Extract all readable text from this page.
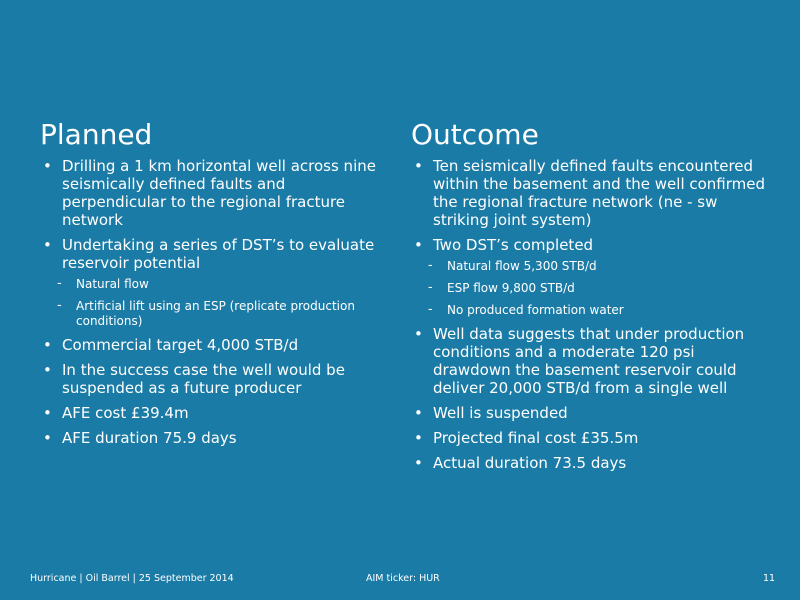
Planned
• Drilling a 1 km horizontal well across nine seismically defined faults and perpendicular to the regional fracture network
• Undertaking a series of DST’s to evaluate reservoir potential
- Natural flow
- Artificial lift using an ESP (replicate production conditions)
• Commercial target 4,000 STB/d
• In the success case the well would be suspended as a future producer
• AFE cost £39.4m
• AFE duration 75.9 days
Outcome
• Ten seismically defined faults encountered within the basement and the well confirmed the regional fracture network (ne - sw striking joint system)
• Two DST’s completed
- Natural flow 5,300 STB/d
- ESP flow 9,800 STB/d
- No produced formation water
• Well data suggests that under production conditions and a moderate 120 psi drawdown the basement reservoir could deliver 20,000 STB/d from a single well
• Well is suspended
• Projected final cost £35.5m
• Actual duration 73.5 days
Hurricane | Oil Barrel | 25 September 2014	AIM ticker: HUR	11
